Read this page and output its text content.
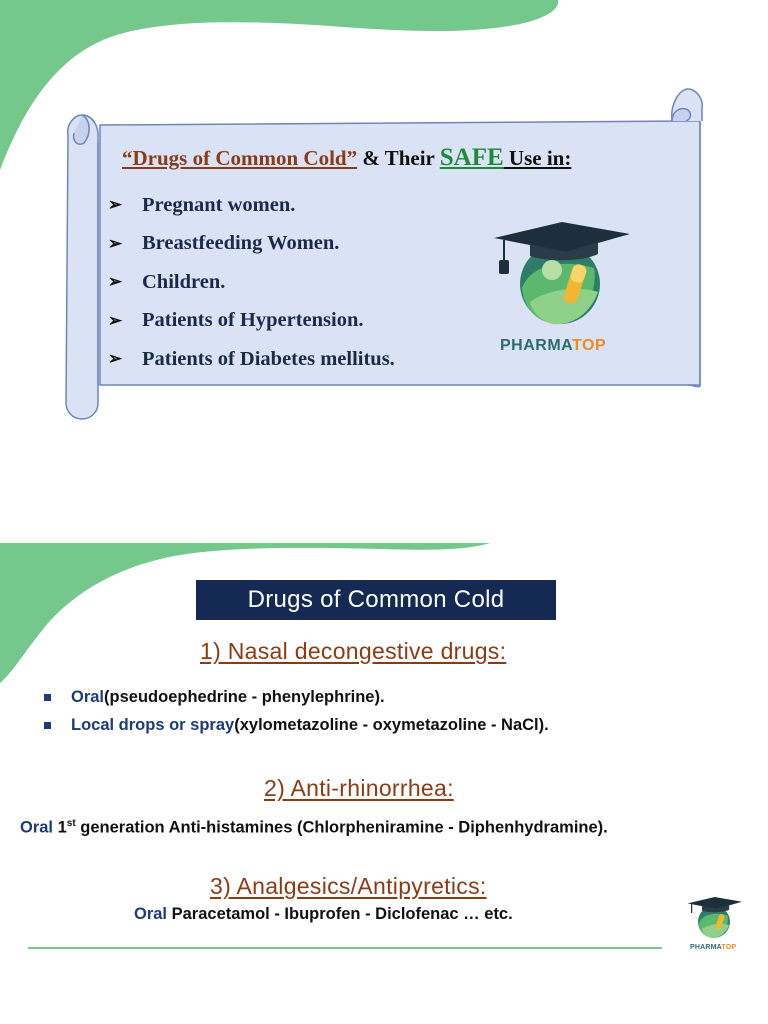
“Drugs of Common Cold” & Their SAFE Use in:
➢ Pregnant women.
➢ Breastfeeding Women.
➢ Children.
➢ Patients of Hypertension.
➢ Patients of Diabetes mellitus.
PHARMATOP
Drugs of Common Cold
1) Nasal decongestive drugs:
Oral (pseudoephedrine - phenylephrine).
Local drops or spray (xylometazoline - oxymetazoline - NaCl).
2) Anti-rhinorrhea:
Oral 1st generation Anti-histamines (Chlorpheniramine - Diphenhydramine).
3) Analgesics/Antipyretics:
Oral Paracetamol - Ibuprofen - Diclofenac … etc.
PHARMATOP
